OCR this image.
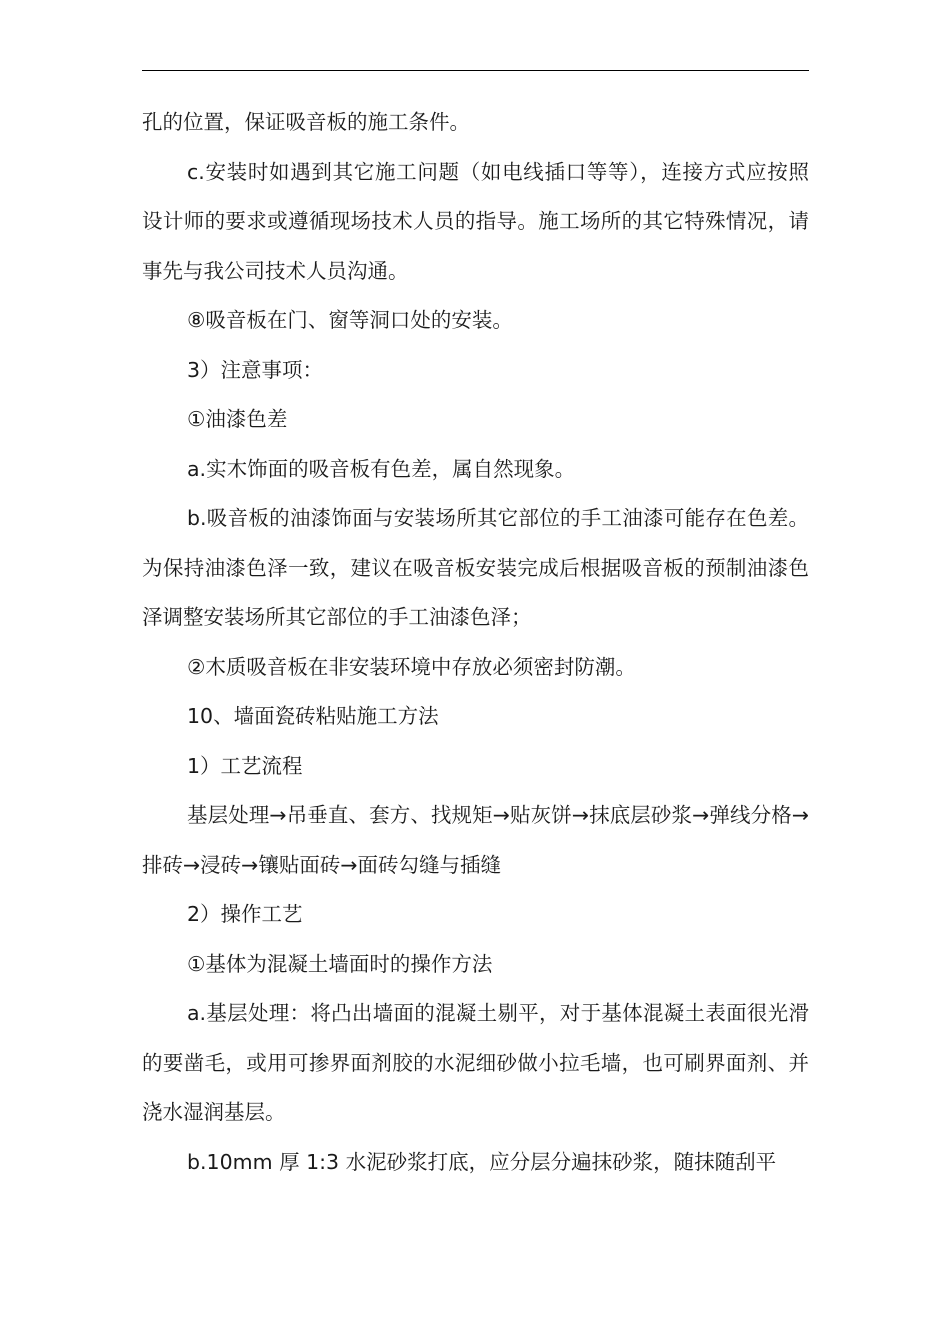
孔的位置，保证吸音板的施工条件。

c.安装时如遇到其它施工问题（如电线插口等等），连接方式应按照设计师的要求或遵循现场技术人员的指导。施工场所的其它特殊情况，请事先与我公司技术人员沟通。

⑧吸音板在门、窗等洞口处的安装。

3）注意事项：

①油漆色差

a.实木饰面的吸音板有色差，属自然现象。

b.吸音板的油漆饰面与安装场所其它部位的手工油漆可能存在色差。为保持油漆色泽一致，建议在吸音板安装完成后根据吸音板的预制油漆色泽调整安装场所其它部位的手工油漆色泽；

②木质吸音板在非安装环境中存放必须密封防潮。

10、墙面瓷砖粘贴施工方法

1）工艺流程

基层处理→吊垂直、套方、找规矩→贴灰饼→抹底层砂浆→弹线分格→排砖→浸砖→镶贴面砖→面砖勾缝与插缝

2）操作工艺

①基体为混凝土墙面时的操作方法

a.基层处理：将凸出墙面的混凝土剔平，对于基体混凝土表面很光滑的要凿毛，或用可掺界面剂胶的水泥细砂做小拉毛墙，也可刷界面剂、并浇水湿润基层。

b.10mm 厚 1:3 水泥砂浆打底，应分层分遍抹砂浆，随抹随刮平
